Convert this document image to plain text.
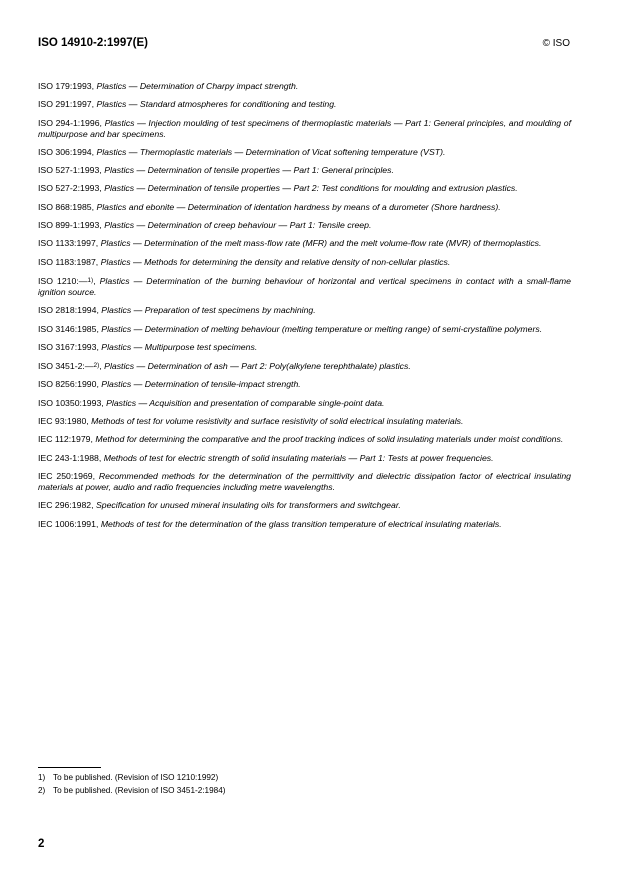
ISO 14910-2:1997(E)	© ISO

ISO 179:1993, Plastics — Determination of Charpy impact strength.

ISO 291:1997, Plastics — Standard atmospheres for conditioning and testing.

ISO 294-1:1996, Plastics — Injection moulding of test specimens of thermoplastic materials — Part 1: General principles, and moulding of multipurpose and bar specimens.

ISO 306:1994, Plastics — Thermoplastic materials — Determination of Vicat softening temperature (VST).

ISO 527-1:1993, Plastics — Determination of tensile properties — Part 1: General principles.

ISO 527-2:1993, Plastics — Determination of tensile properties — Part 2: Test conditions for moulding and extrusion plastics.

ISO 868:1985, Plastics and ebonite — Determination of identation hardness by means of a durometer (Shore hardness).

ISO 899-1:1993, Plastics — Determination of creep behaviour — Part 1: Tensile creep.

ISO 1133:1997, Plastics — Determination of the melt mass-flow rate (MFR) and the melt volume-flow rate (MVR) of thermoplastics.

ISO 1183:1987, Plastics — Methods for determining the density and relative density of non-cellular plastics.

ISO 1210:—$^{1)}$, Plastics — Determination of the burning behaviour of horizontal and vertical specimens in contact with a small-flame ignition source.

ISO 2818:1994, Plastics — Preparation of test specimens by machining.

ISO 3146:1985, Plastics — Determination of melting behaviour (melting temperature or melting range) of semi-crystalline polymers.

ISO 3167:1993, Plastics — Multipurpose test specimens.

ISO 3451-2:—$^{2)}$, Plastics — Determination of ash — Part 2: Poly(alkylene terephthalate) plastics.

ISO 8256:1990, Plastics — Determination of tensile-impact strength.

ISO 10350:1993, Plastics — Acquisition and presentation of comparable single-point data.

IEC 93:1980, Methods of test for volume resistivity and surface resistivity of solid electrical insulating materials.

IEC 112:1979, Method for determining the comparative and the proof tracking indices of solid insulating materials under moist conditions.

IEC 243-1:1988, Methods of test for electric strength of solid insulating materials — Part 1: Tests at power frequencies.

IEC 250:1969, Recommended methods for the determination of the permittivity and dielectric dissipation factor of electrical insulating materials at power, audio and radio frequencies including metre wavelengths.

IEC 296:1982, Specification for unused mineral insulating oils for transformers and switchgear.

IEC 1006:1991, Methods of test for the determination of the glass transition temperature of electrical insulating materials.

1) To be published. (Revision of ISO 1210:1992)
2) To be published. (Revision of ISO 3451-2:1984)
2
